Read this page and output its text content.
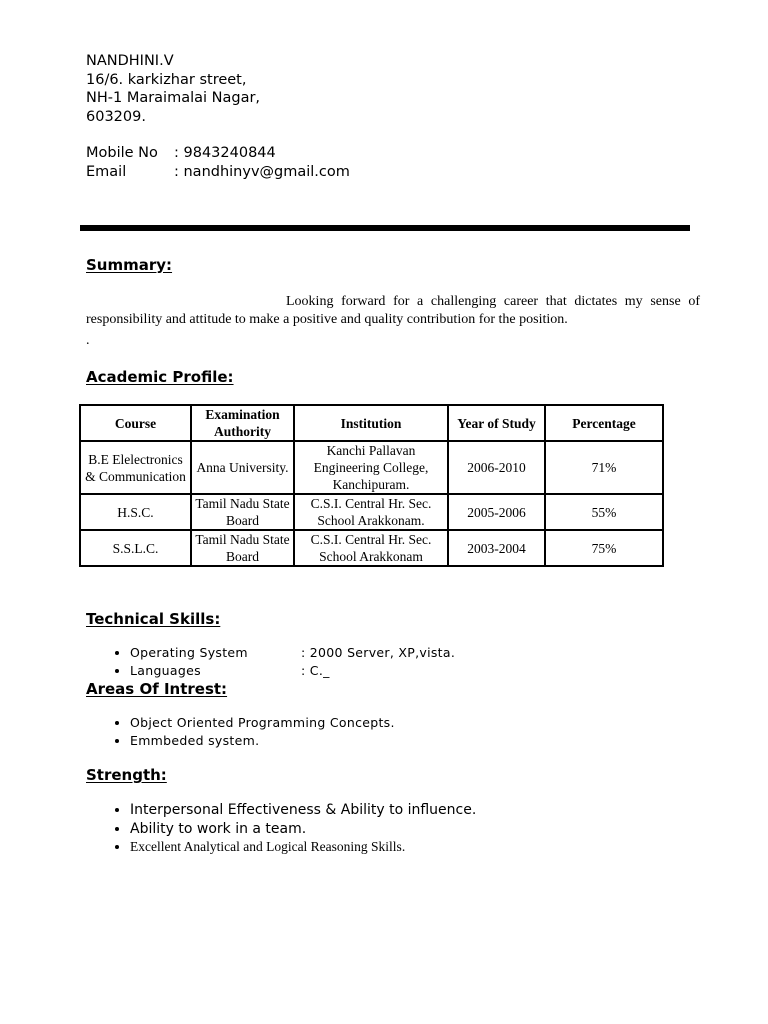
NANDHINI.V
16/6. karkizhar street,
NH-1 Maraimalai Nagar,
603209.
Mobile No	: 9843240844
Email	: nandhinyv@gmail.com
Summary:
Looking forward for a challenging career that dictates my sense of responsibility and attitude to make a positive and quality contribution for the position.
.
Academic Profile:
Course	Examination Authority	Institution	Year of Study	Percentage
B.E Elelectronics & Communication	Anna University.	Kanchi Pallavan Engineering College, Kanchipuram.	2006-2010	71%
H.S.C.	Tamil Nadu State Board	C.S.I. Central Hr. Sec. School Arakkonam.	2005-2006	55%
S.S.L.C.	Tamil Nadu State Board	C.S.I. Central Hr. Sec. School Arakkonam	2003-2004	75%
Technical Skills:
• Operating System	: 2000 Server, XP,vista.
• Languages	: C._
Areas Of Intrest:
• Object Oriented Programming Concepts.
• Emmbeded system.
Strength:
• Interpersonal Effectiveness & Ability to influence.
• Ability to work in a team.
• Excellent Analytical and Logical Reasoning Skills.
